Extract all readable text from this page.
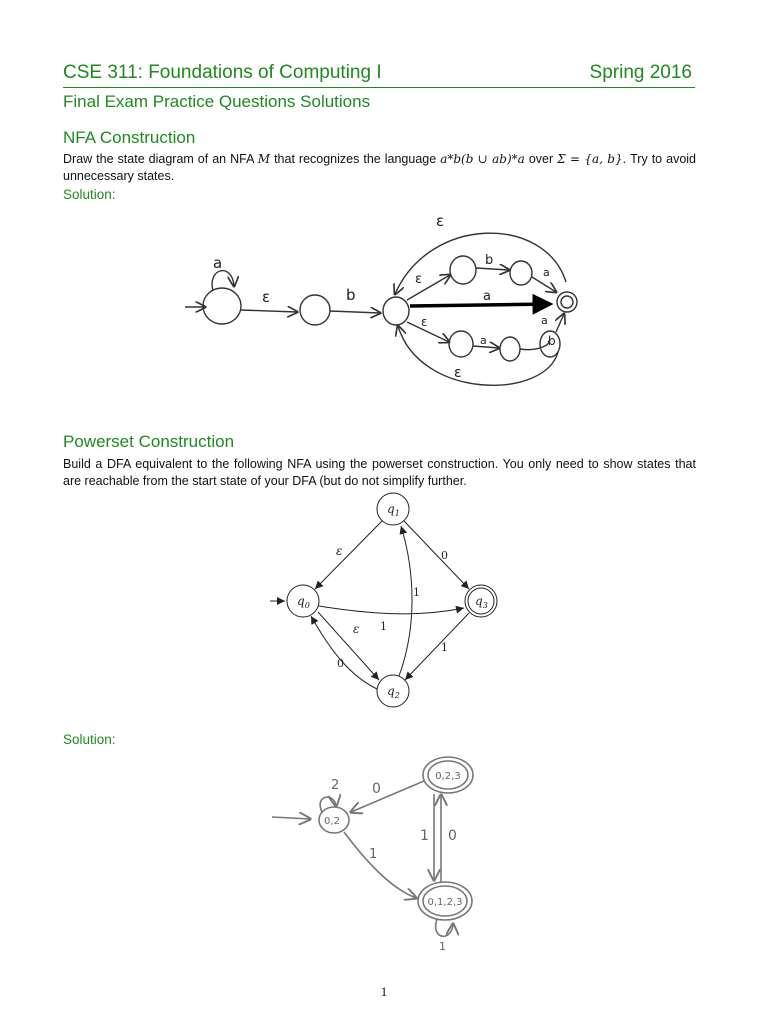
CSE 311: Foundations of Computing I	Spring 2016
Final Exam Practice Questions Solutions
NFA Construction
Draw the state diagram of an NFA M that recognizes the language a*b(b ∪ ab)*a over Σ = {a, b}. Try to avoid unnecessary states.
Solution:
a
ε	b
ε
ε
b
a
a
ε
a	b
a
ε
Powerset Construction
Build a DFA equivalent to the following NFA using the powerset construction. You only need to show states that are reachable from the start state of your DFA (but do not simplify further.
$q_1$
$q_0$	$q_3$
$q_2$
ε
ε
0
1
1
1
0
Solution:
0,2
0,2,3
0,1,2,3
2 0
1
1 0
1
1
